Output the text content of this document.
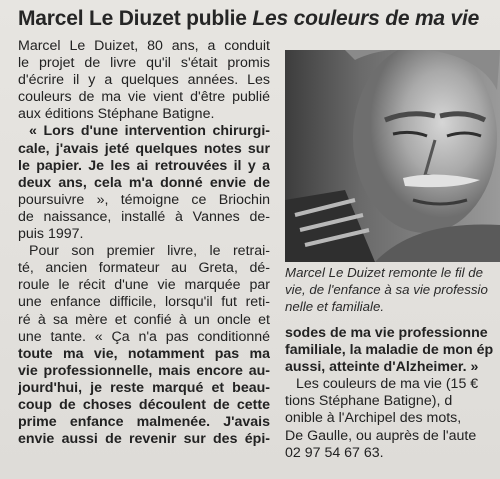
Marcel Le Diuzet publie Les couleurs de ma vie
Marcel Le Duizet, 80 ans, a conduit
le projet de livre qu'il s'était promis
d'écrire il y a quelques années. Les
couleurs de ma vie vient d'être publié
aux éditions Stéphane Batigne.
« Lors d'une intervention chirurgi-
cale, j'avais jeté quelques notes sur
le papier. Je les ai retrouvées il y a
deux ans, cela m'a donné envie de
poursuivre », témoigne ce Briochin
de naissance, installé à Vannes de-
puis 1997.
Pour son premier livre, le retrai-
té, ancien formateur au Greta, dé-
roule le récit d'une vie marquée par
une enfance difficile, lorsqu'il fut reti-
ré à sa mère et confié à un oncle et
une tante. « Ça n'a pas conditionné
toute ma vie, notamment pas ma
vie professionnelle, mais encore au-
jourd'hui, je reste marqué et beau-
coup de choses découlent de cette
prime enfance malmenée. J'avais
envie aussi de revenir sur des épi-
Marcel Le Duizet remonte le fil de
vie, de l'enfance à sa vie professio
nelle et familiale.
sodes de ma vie professionne
familiale, la maladie de mon ép
aussi, atteinte d'Alzheimer. »
Les couleurs de ma vie (15 €
tions Stéphane Batigne), d
onible à l'Archipel des mots,
De Gaulle, ou auprès de l'aute
02 97 54 67 63.
